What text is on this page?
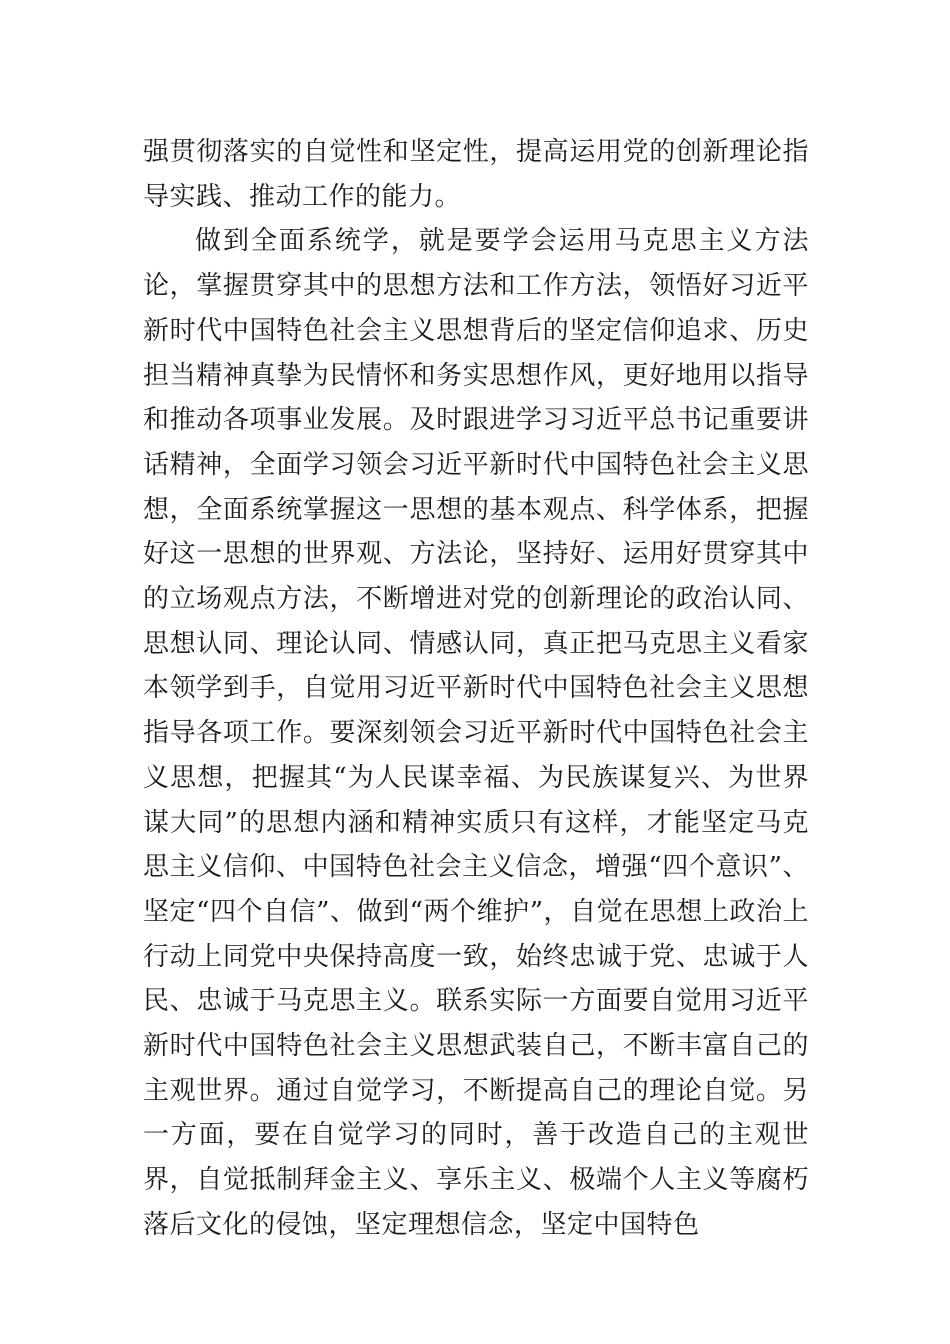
强贯彻落实的自觉性和坚定性，提高运用党的创新理论指导实践、推动工作的能力。

做到全面系统学，就是要学会运用马克思主义方法论，掌握贯穿其中的思想方法和工作方法，领悟好习近平新时代中国特色社会主义思想背后的坚定信仰追求、历史担当精神真挚为民情怀和务实思想作风，更好地用以指导和推动各项事业发展。及时跟进学习习近平总书记重要讲话精神，全面学习领会习近平新时代中国特色社会主义思想，全面系统掌握这一思想的基本观点、科学体系，把握好这一思想的世界观、方法论，坚持好、运用好贯穿其中的立场观点方法，不断增进对党的创新理论的政治认同、思想认同、理论认同、情感认同，真正把马克思主义看家本领学到手，自觉用习近平新时代中国特色社会主义思想指导各项工作。要深刻领会习近平新时代中国特色社会主义思想，把握其“为人民谋幸福、为民族谋复兴、为世界谋大同”的思想内涵和精神实质只有这样，才能坚定马克思主义信仰、中国特色社会主义信念，增强“四个意识”、坚定“四个自信”、做到“两个维护”，自觉在思想上政治上行动上同党中央保持高度一致，始终忠诚于党、忠诚于人民、忠诚于马克思主义。联系实际一方面要自觉用习近平新时代中国特色社会主义思想武装自己，不断丰富自己的主观世界。通过自觉学习，不断提高自己的理论自觉。另一方面，要在自觉学习的同时，善于改造自己的主观世界，自觉抵制拜金主义、享乐主义、极端个人主义等腐朽落后文化的侵蚀，坚定理想信念，坚定中国特色
